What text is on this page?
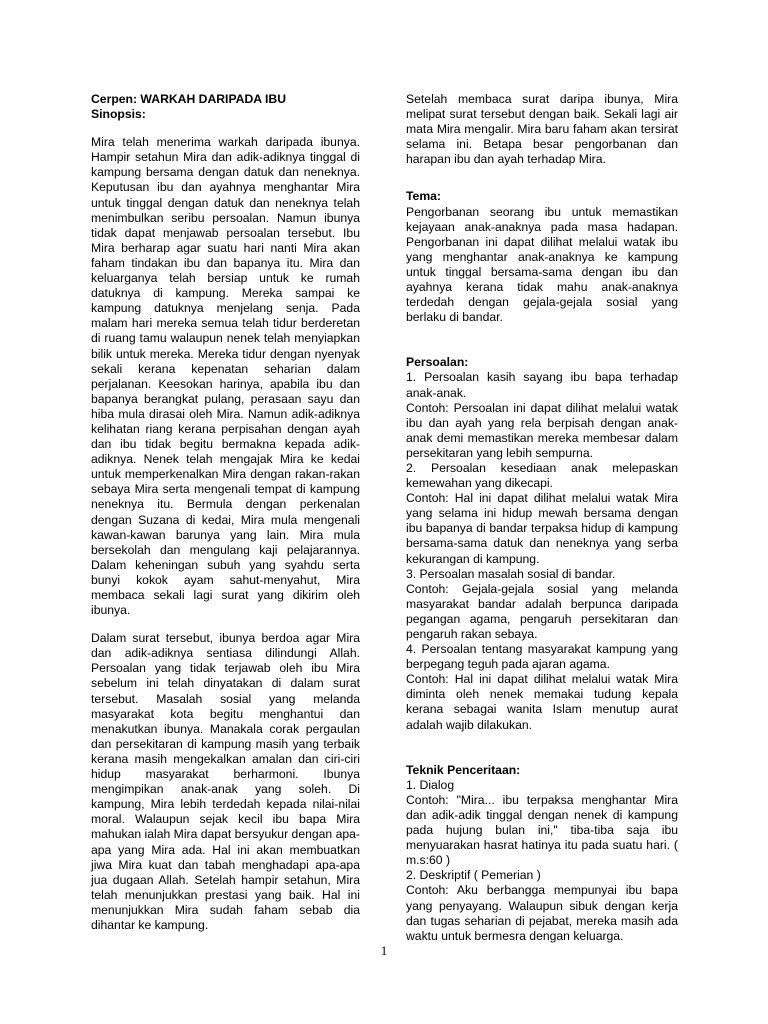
Cerpen: WARKAH DARIPADA IBU

Sinopsis:

Mira telah menerima warkah daripada ibunya. Hampir setahun Mira dan adik-adiknya tinggal di kampung bersama dengan datuk dan neneknya. Keputusan ibu dan ayahnya menghantar Mira untuk tinggal dengan datuk dan neneknya telah menimbulkan seribu persoalan. Namun ibunya tidak dapat menjawab persoalan tersebut. Ibu Mira berharap agar suatu hari nanti Mira akan faham tindakan ibu dan bapanya itu. Mira dan keluarganya telah bersiap untuk ke rumah datuknya di kampung. Mereka sampai ke kampung datuknya menjelang senja. Pada malam hari mereka semua telah tidur berderetan di ruang tamu walaupun nenek telah menyiapkan bilik untuk mereka. Mereka tidur dengan nyenyak sekali kerana kepenatan seharian dalam perjalanan. Keesokan harinya, apabila ibu dan bapanya berangkat pulang, perasaan sayu dan hiba mula dirasai oleh Mira. Namun adik-adiknya kelihatan riang kerana perpisahan dengan ayah dan ibu tidak begitu bermakna kepada adik-adiknya. Nenek telah mengajak Mira ke kedai untuk memperkenalkan Mira dengan rakan-rakan sebaya Mira serta mengenali tempat di kampung neneknya itu. Bermula dengan perkenalan dengan Suzana di kedai, Mira mula mengenali kawan-kawan barunya yang lain. Mira mula bersekolah dan mengulang kaji pelajarannya. Dalam keheningan subuh yang syahdu serta bunyi kokok ayam sahut-menyahut, Mira membaca sekali lagi surat yang dikirim oleh ibunya.

Dalam surat tersebut, ibunya berdoa agar Mira dan adik-adiknya sentiasa dilindungi Allah. Persoalan yang tidak terjawab oleh ibu Mira sebelum ini telah dinyatakan di dalam surat tersebut. Masalah sosial yang melanda masyarakat kota begitu menghantui dan menakutkan ibunya. Manakala corak pergaulan dan persekitaran di kampung masih yang terbaik kerana masih mengekalkan amalan dan ciri-ciri hidup masyarakat berharmoni. Ibunya mengimpikan anak-anak yang soleh. Di kampung, Mira lebih terdedah kepada nilai-nilai moral. Walaupun sejak kecil ibu bapa Mira mahukan ialah Mira dapat bersyukur dengan apa-apa yang Mira ada. Hal ini akan membuatkan jiwa Mira kuat dan tabah menghadapi apa-apa jua dugaan Allah. Setelah hampir setahun, Mira telah menunjukkan prestasi yang baik. Hal ini menunjukkan Mira sudah faham sebab dia dihantar ke kampung.

Setelah membaca surat daripa ibunya, Mira melipat surat tersebut dengan baik. Sekali lagi air mata Mira mengalir. Mira baru faham akan tersirat selama ini. Betapa besar pengorbanan dan harapan ibu dan ayah terhadap Mira.

Tema:

Pengorbanan seorang ibu untuk memastikan kejayaan anak-anaknya pada masa hadapan. Pengorbanan ini dapat dilihat melalui watak ibu yang menghantar anak-anaknya ke kampung untuk tinggal bersama-sama dengan ibu dan ayahnya kerana tidak mahu anak-anaknya terdedah dengan gejala-gejala sosial yang berlaku di bandar.

Persoalan:

1. Persoalan kasih sayang ibu bapa terhadap anak-anak.

Contoh: Persoalan ini dapat dilihat melalui watak ibu dan ayah yang rela berpisah dengan anak-anak demi memastikan mereka membesar dalam persekitaran yang lebih sempurna.

2. Persoalan kesediaan anak melepaskan kemewahan yang dikecapi.

Contoh: Hal ini dapat dilihat melalui watak Mira yang selama ini hidup mewah bersama dengan ibu bapanya di bandar terpaksa hidup di kampung bersama-sama datuk dan neneknya yang serba kekurangan di kampung.

3. Persoalan masalah sosial di bandar.

Contoh: Gejala-gejala sosial yang melanda masyarakat bandar adalah berpunca daripada pegangan agama, pengaruh persekitaran dan pengaruh rakan sebaya.

4. Persoalan tentang masyarakat kampung yang berpegang teguh pada ajaran agama.

Contoh: Hal ini dapat dilihat melalui watak Mira diminta oleh nenek memakai tudung kepala kerana sebagai wanita Islam menutup aurat adalah wajib dilakukan.

Teknik Penceritaan:

1. Dialog

Contoh: "Mira... ibu terpaksa menghantar Mira dan adik-adik tinggal dengan nenek di kampung pada hujung bulan ini," tiba-tiba saja ibu menyuarakan hasrat hatinya itu pada suatu hari. ( m.s:60 )

2. Deskriptif ( Pemerian )

Contoh: Aku berbangga mempunyai ibu bapa yang penyayang. Walaupun sibuk dengan kerja dan tugas seharian di pejabat, mereka masih ada waktu untuk bermesra dengan keluarga.

1
